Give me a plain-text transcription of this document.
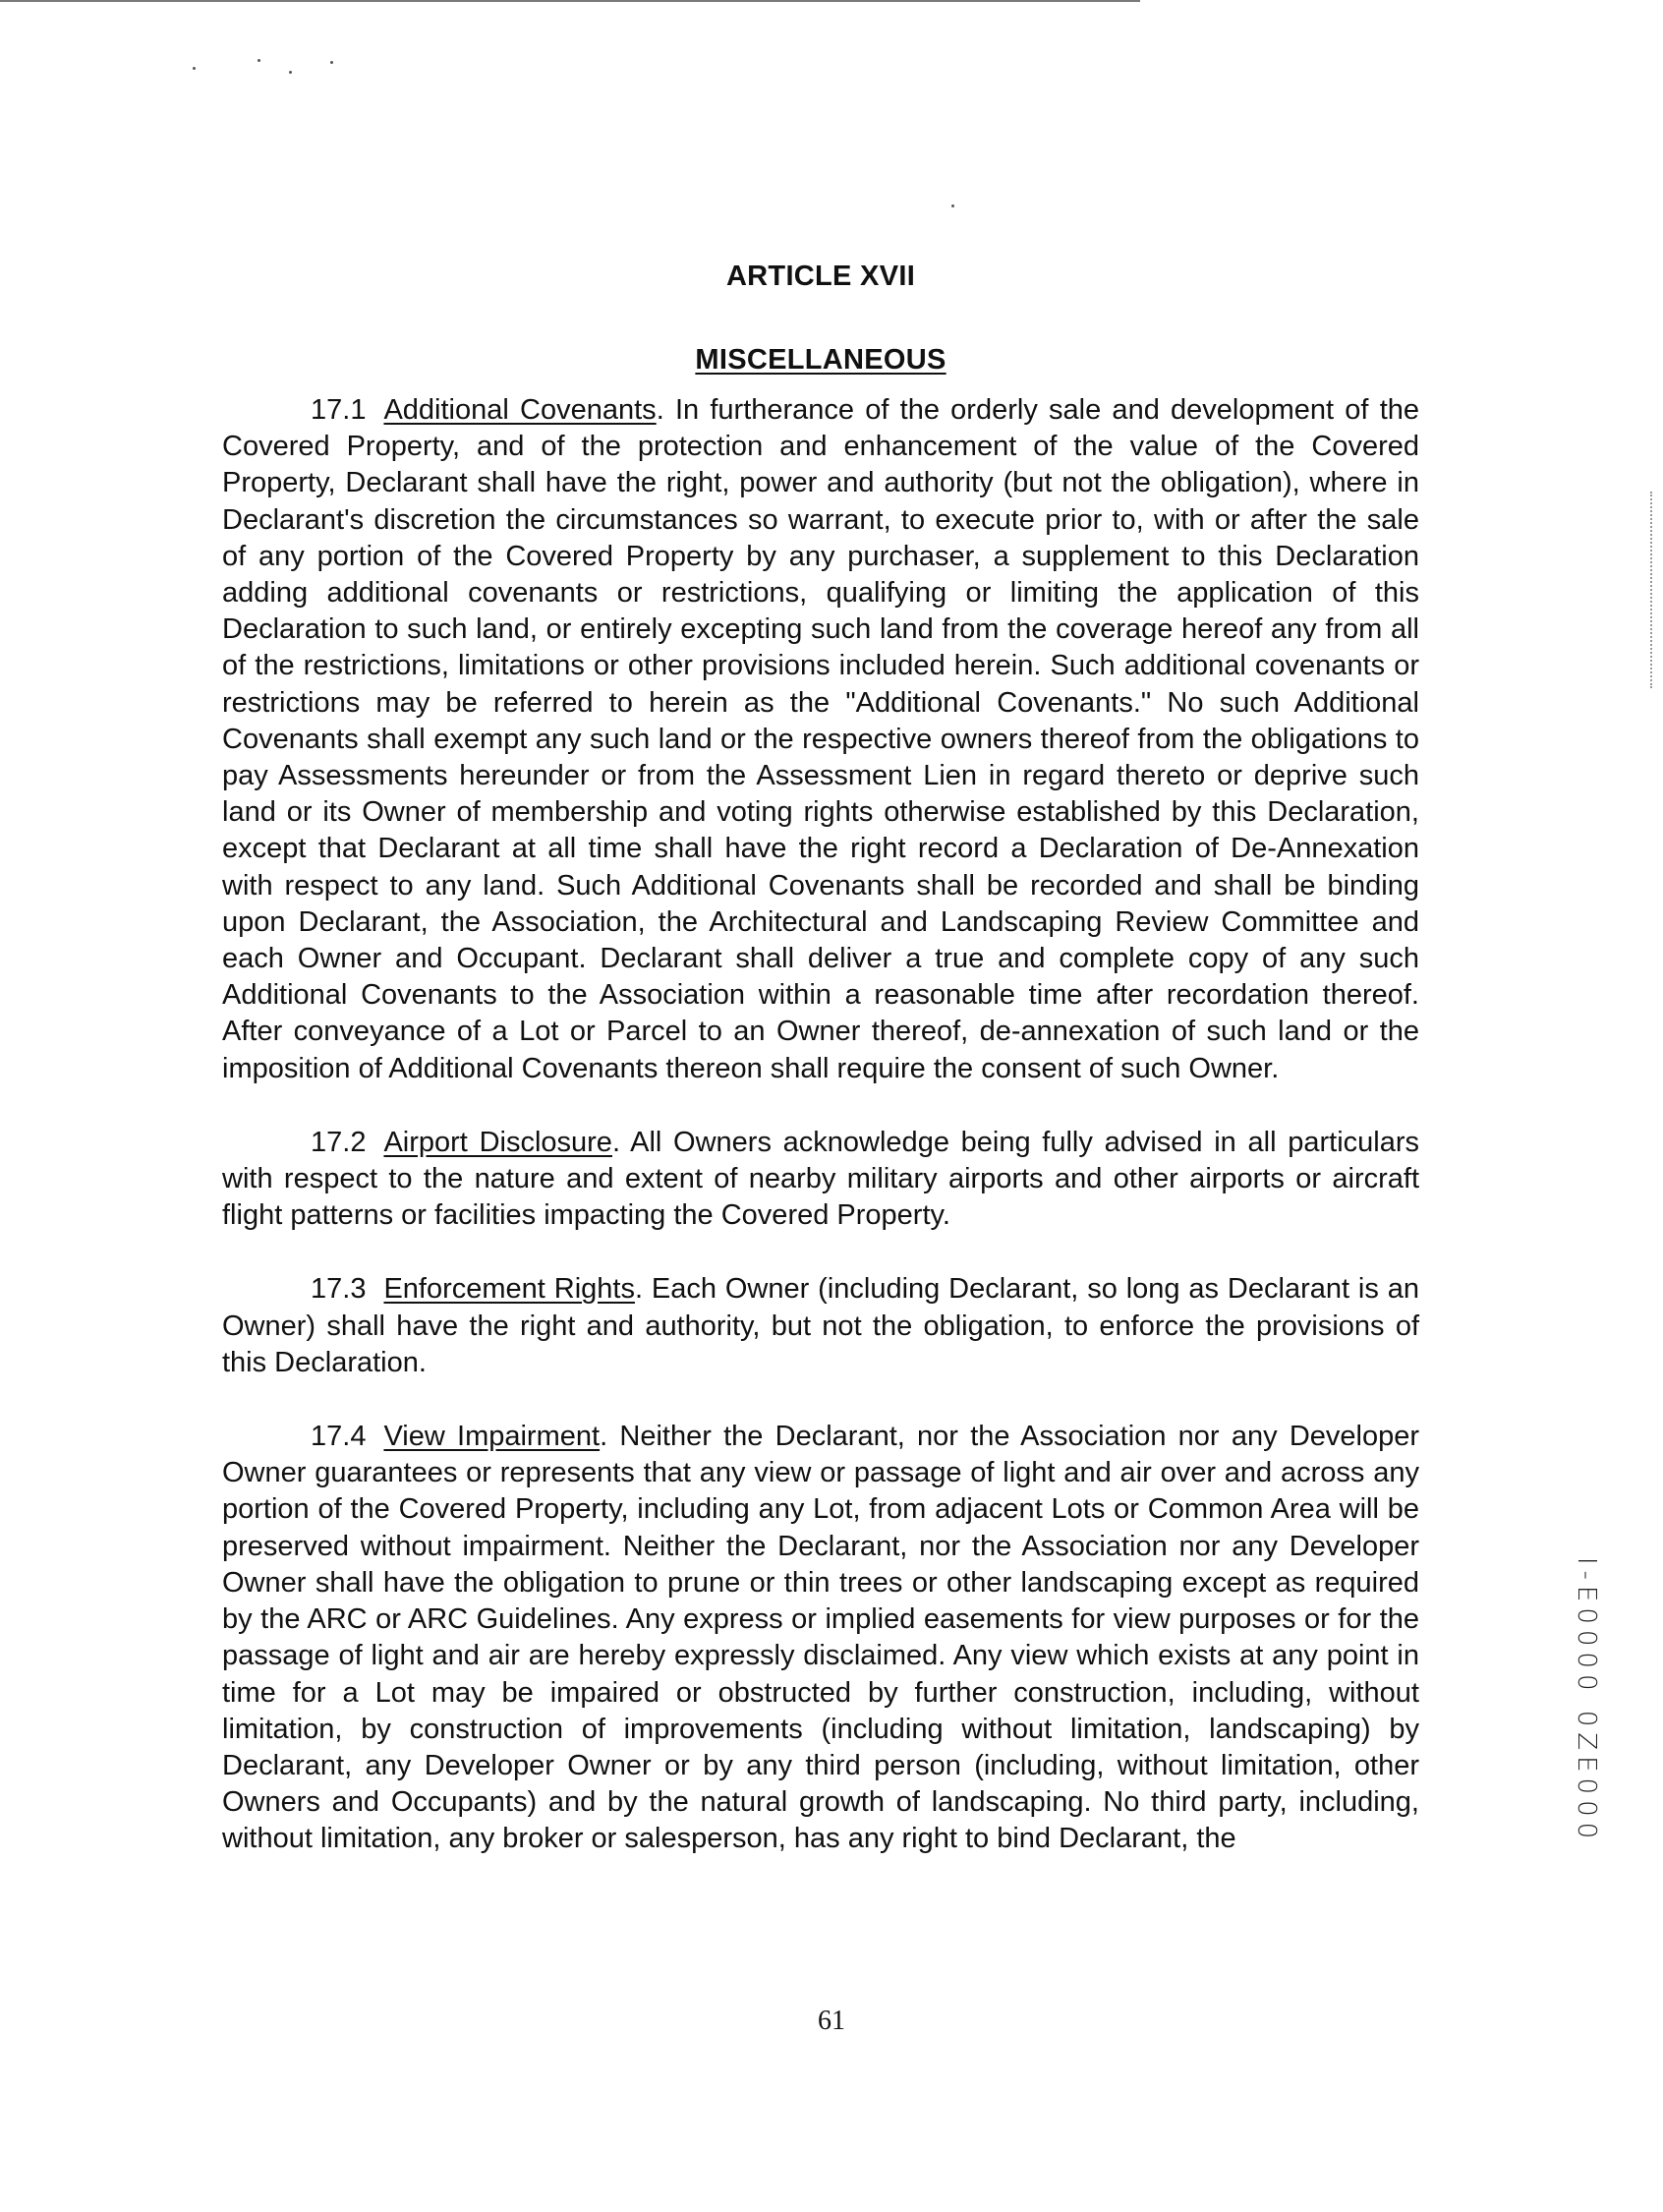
ARTICLE XVII
MISCELLANEOUS

17.1 Additional Covenants. In furtherance of the orderly sale and development of the Covered Property, and of the protection and enhancement of the value of the Covered Property, Declarant shall have the right, power and authority (but not the obligation), where in Declarant's discretion the circumstances so warrant, to execute prior to, with or after the sale of any portion of the Covered Property by any purchaser, a supplement to this Declaration adding additional covenants or restrictions, qualifying or limiting the application of this Declaration to such land, or entirely excepting such land from the coverage hereof any from all of the restrictions, limitations or other provisions included herein. Such additional covenants or restrictions may be referred to herein as the "Additional Covenants." No such Additional Covenants shall exempt any such land or the respective owners thereof from the obligations to pay Assessments hereunder or from the Assessment Lien in regard thereto or deprive such land or its Owner of membership and voting rights otherwise established by this Declaration, except that Declarant at all time shall have the right record a Declaration of De-Annexation with respect to any land. Such Additional Covenants shall be recorded and shall be binding upon Declarant, the Association, the Architectural and Landscaping Review Committee and each Owner and Occupant. Declarant shall deliver a true and complete copy of any such Additional Covenants to the Association within a reasonable time after recordation thereof. After conveyance of a Lot or Parcel to an Owner thereof, de-annexation of such land or the imposition of Additional Covenants thereon shall require the consent of such Owner.

17.2 Airport Disclosure. All Owners acknowledge being fully advised in all particulars with respect to the nature and extent of nearby military airports and other airports or aircraft flight patterns or facilities impacting the Covered Property.

17.3 Enforcement Rights. Each Owner (including Declarant, so long as Declarant is an Owner) shall have the right and authority, but not the obligation, to enforce the provisions of this Declaration.

17.4 View Impairment. Neither the Declarant, nor the Association nor any Developer Owner guarantees or represents that any view or passage of light and air over and across any portion of the Covered Property, including any Lot, from adjacent Lots or Common Area will be preserved without impairment. Neither the Declarant, nor the Association nor any Developer Owner shall have the obligation to prune or thin trees or other landscaping except as required by the ARC or ARC Guidelines. Any express or implied easements for view purposes or for the passage of light and air are hereby expressly disclaimed. Any view which exists at any point in time for a Lot may be impaired or obstructed by further construction, including, without limitation, by construction of improvements (including without limitation, landscaping) by Declarant, any Developer Owner or by any third person (including, without limitation, other Owners and Occupants) and by the natural growth of landscaping. No third party, including, without limitation, any broker or salesperson, has any right to bind Declarant, the

61
I-E0000 0ZE000
